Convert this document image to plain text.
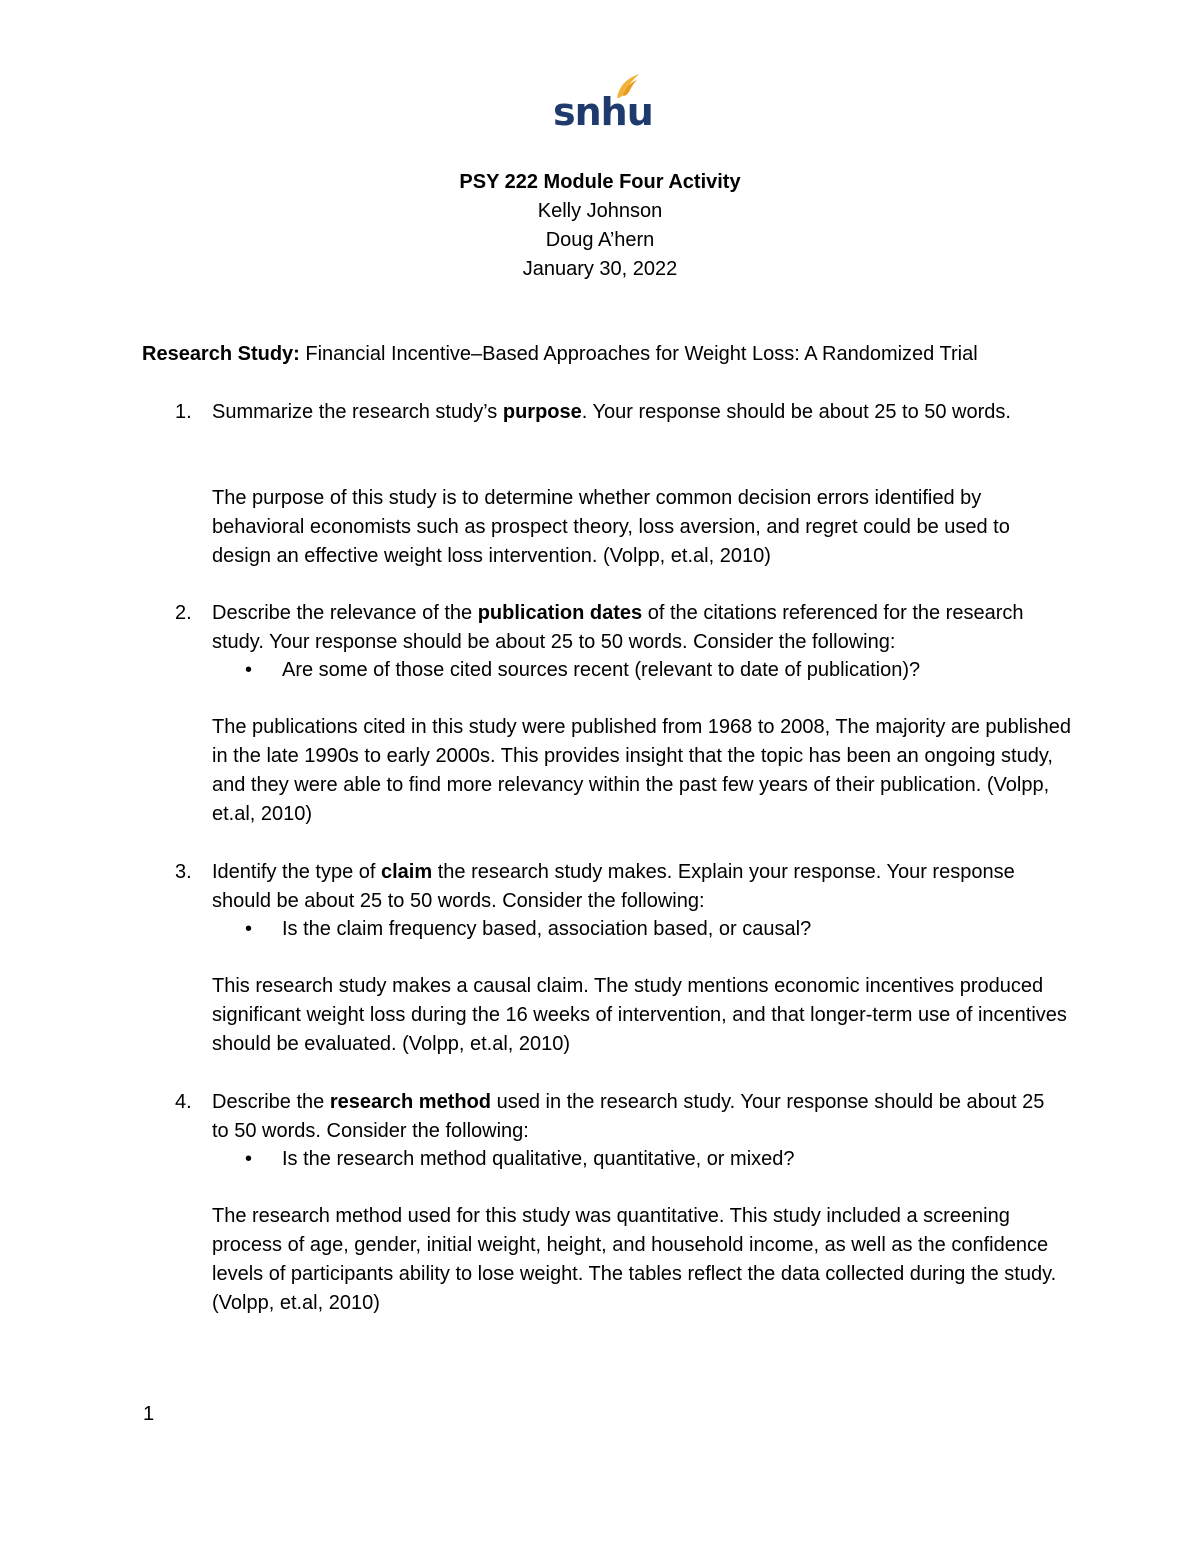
snhu
PSY 222 Module Four Activity
Kelly Johnson
Doug A’hern
January 30, 2022
Research Study: Financial Incentive–Based Approaches for Weight Loss: A Randomized Trial
1. Summarize the research study’s purpose. Your response should be about 25 to 50 words.
The purpose of this study is to determine whether common decision errors identified by behavioral economists such as prospect theory, loss aversion, and regret could be used to design an effective weight loss intervention. (Volpp, et.al, 2010)
2. Describe the relevance of the publication dates of the citations referenced for the research study. Your response should be about 25 to 50 words. Consider the following:
• Are some of those cited sources recent (relevant to date of publication)?
The publications cited in this study were published from 1968 to 2008, The majority are published in the late 1990s to early 2000s. This provides insight that the topic has been an ongoing study, and they were able to find more relevancy within the past few years of their publication. (Volpp, et.al, 2010)
3. Identify the type of claim the research study makes. Explain your response. Your response should be about 25 to 50 words. Consider the following:
• Is the claim frequency based, association based, or causal?
This research study makes a causal claim. The study mentions economic incentives produced significant weight loss during the 16 weeks of intervention, and that longer-term use of incentives should be evaluated. (Volpp, et.al, 2010)
4. Describe the research method used in the research study. Your response should be about 25 to 50 words. Consider the following:
• Is the research method qualitative, quantitative, or mixed?
The research method used for this study was quantitative. This study included a screening process of age, gender, initial weight, height, and household income, as well as the confidence levels of participants ability to lose weight. The tables reflect the data collected during the study. (Volpp, et.al, 2010)
1
